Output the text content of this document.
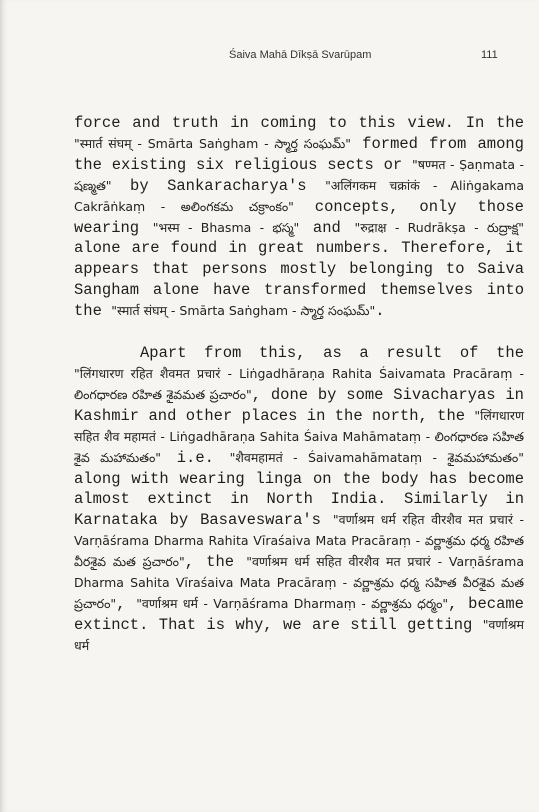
Śaiva Mahā Dīkṣā Svarūpam	111

force and truth in coming to this view. In the "स्मार्त संघम् - Smārta Saṅgham - స్మార్త సంఘమ్" formed from among the existing six religious sects or "षण्मत - Ṣaṇmata - షణ్మత" by Sankaracharya's "अलिंगकम चक्रांकं - Aliṅgakama Cakrāṅkaṃ - అలింగకమ చక్రాంకం" concepts, only those wearing "भस्म - Bhasma - భస్మ" and "रुद्राक्ष - Rudrākṣa - రుద్రాక్ష" alone are found in great numbers. Therefore, it appears that persons mostly belonging to Saiva Sangham alone have transformed themselves into the "स्मार्त संघम् - Smārta Saṅgham - స్మార్త సంఘమ్".

Apart from this, as a result of the "लिंगधारण रहित शैवमत प्रचारं - Liṅgadhāraṇa Rahita Śaivamata Pracāraṃ - లింగధారణ రహిత శైవమత ప్రచారం", done by some Sivacharyas in Kashmir and other places in the north, the "लिंगधारण सहित शैव महामतं - Liṅgadhāraṇa Sahita Śaiva Mahāmataṃ - లింగధారణ సహిత శైవ మహామతం" i.e. "शैवमहामतं - Śaivamahāmataṃ - శైవమహామతం" along with wearing linga on the body has become almost extinct in North India. Similarly in Karnataka by Basaveswara's "वर्णाश्रम धर्म रहित वीरशैव मत प्रचारं - Varṇāśrama Dharma Rahita Vīraśaiva Mata Pracāraṃ - వర్ణాశ్రమ ధర్మ రహిత వీరశైవ మత ప్రచారం", the "वर्णाश्रम धर्म सहित वीरशैव मत प्रचारं - Varṇāśrama Dharma Sahita Vīraśaiva Mata Pracāraṃ - వర్ణాశ్రమ ధర్మ సహిత వీరశైవ మత ప్రచారం", "वर्णाश्रम धर्म - Varṇāśrama Dharmaṃ - వర్ణాశ్రమ ధర్మం", became extinct. That is why, we are still getting "वर्णाश्रम धर्म
